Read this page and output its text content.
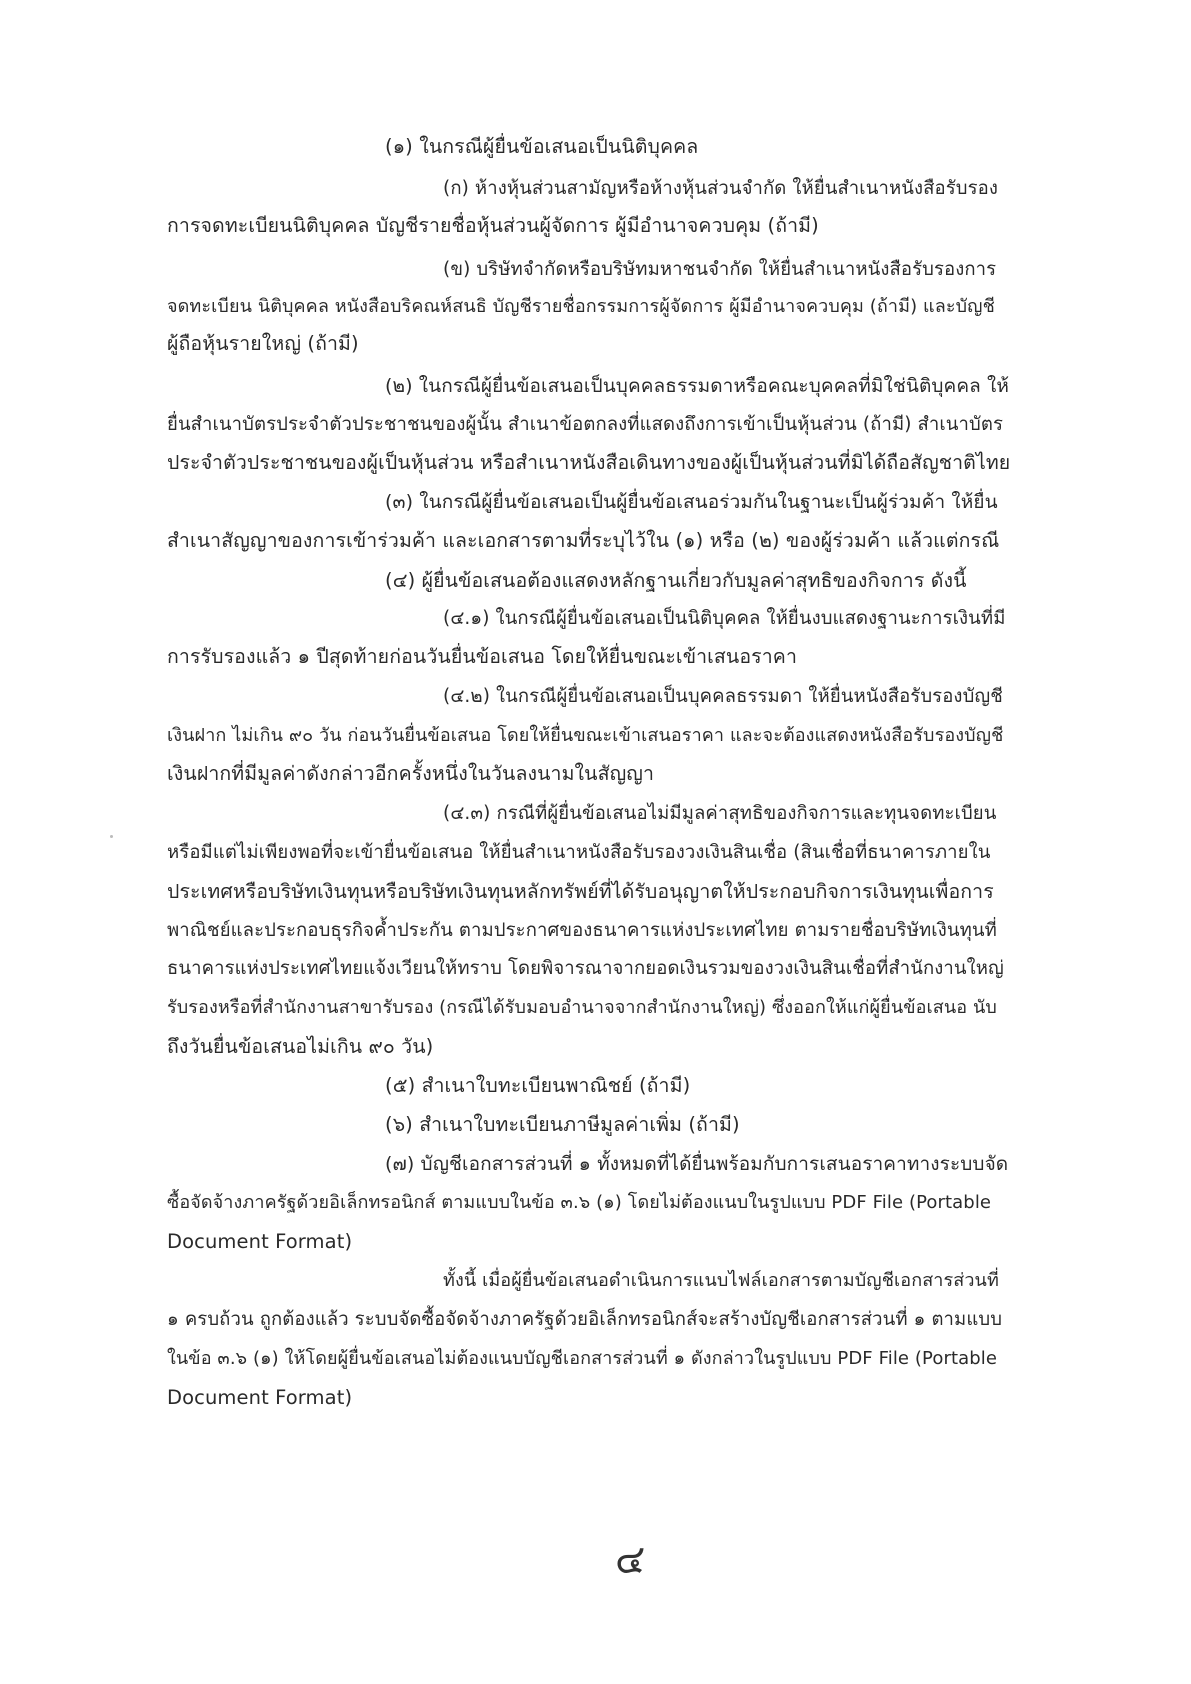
(๑) ในกรณีผู้ยื่นข้อเสนอเป็นนิติบุคคล
(ก) ห้างหุ้นส่วนสามัญหรือห้างหุ้นส่วนจำกัด ให้ยื่นสำเนาหนังสือรับรอง
การจดทะเบียนนิติบุคคล บัญชีรายชื่อหุ้นส่วนผู้จัดการ ผู้มีอำนาจควบคุม (ถ้ามี)
(ข) บริษัทจำกัดหรือบริษัทมหาชนจำกัด ให้ยื่นสำเนาหนังสือรับรองการ
จดทะเบียน นิติบุคคล หนังสือบริคณห์สนธิ บัญชีรายชื่อกรรมการผู้จัดการ ผู้มีอำนาจควบคุม (ถ้ามี) และบัญชี
ผู้ถือหุ้นรายใหญ่ (ถ้ามี)
(๒) ในกรณีผู้ยื่นข้อเสนอเป็นบุคคลธรรมดาหรือคณะบุคคลที่มิใช่นิติบุคคล ให้
ยื่นสำเนาบัตรประจำตัวประชาชนของผู้นั้น สำเนาข้อตกลงที่แสดงถึงการเข้าเป็นหุ้นส่วน (ถ้ามี) สำเนาบัตร
ประจำตัวประชาชนของผู้เป็นหุ้นส่วน หรือสำเนาหนังสือเดินทางของผู้เป็นหุ้นส่วนที่มิได้ถือสัญชาติไทย
(๓) ในกรณีผู้ยื่นข้อเสนอเป็นผู้ยื่นข้อเสนอร่วมกันในฐานะเป็นผู้ร่วมค้า ให้ยื่น
สำเนาสัญญาของการเข้าร่วมค้า และเอกสารตามที่ระบุไว้ใน (๑) หรือ (๒) ของผู้ร่วมค้า แล้วแต่กรณี
(๔) ผู้ยื่นข้อเสนอต้องแสดงหลักฐานเกี่ยวกับมูลค่าสุทธิของกิจการ ดังนี้
(๔.๑) ในกรณีผู้ยื่นข้อเสนอเป็นนิติบุคคล ให้ยื่นงบแสดงฐานะการเงินที่มี
การรับรองแล้ว ๑ ปีสุดท้ายก่อนวันยื่นข้อเสนอ โดยให้ยื่นขณะเข้าเสนอราคา
(๔.๒) ในกรณีผู้ยื่นข้อเสนอเป็นบุคคลธรรมดา ให้ยื่นหนังสือรับรองบัญชี
เงินฝาก ไม่เกิน ๙๐ วัน ก่อนวันยื่นข้อเสนอ โดยให้ยื่นขณะเข้าเสนอราคา และจะต้องแสดงหนังสือรับรองบัญชี
เงินฝากที่มีมูลค่าดังกล่าวอีกครั้งหนึ่งในวันลงนามในสัญญา
(๔.๓) กรณีที่ผู้ยื่นข้อเสนอไม่มีมูลค่าสุทธิของกิจการและทุนจดทะเบียน
หรือมีแต่ไม่เพียงพอที่จะเข้ายื่นข้อเสนอ ให้ยื่นสำเนาหนังสือรับรองวงเงินสินเชื่อ (สินเชื่อที่ธนาคารภายใน
ประเทศหรือบริษัทเงินทุนหรือบริษัทเงินทุนหลักทรัพย์ที่ได้รับอนุญาตให้ประกอบกิจการเงินทุนเพื่อการ
พาณิชย์และประกอบธุรกิจค้ำประกัน ตามประกาศของธนาคารแห่งประเทศไทย ตามรายชื่อบริษัทเงินทุนที่
ธนาคารแห่งประเทศไทยแจ้งเวียนให้ทราบ โดยพิจารณาจากยอดเงินรวมของวงเงินสินเชื่อที่สำนักงานใหญ่
รับรองหรือที่สำนักงานสาขารับรอง (กรณีได้รับมอบอำนาจจากสำนักงานใหญ่) ซึ่งออกให้แก่ผู้ยื่นข้อเสนอ นับ
ถึงวันยื่นข้อเสนอไม่เกิน ๙๐ วัน)
(๕) สำเนาใบทะเบียนพาณิชย์ (ถ้ามี)
(๖) สำเนาใบทะเบียนภาษีมูลค่าเพิ่ม (ถ้ามี)
(๗) บัญชีเอกสารส่วนที่ ๑ ทั้งหมดที่ได้ยื่นพร้อมกับการเสนอราคาทางระบบจัด
ซื้อจัดจ้างภาครัฐด้วยอิเล็กทรอนิกส์ ตามแบบในข้อ ๓.๖ (๑) โดยไม่ต้องแนบในรูปแบบ PDF File (Portable
Document Format)
ทั้งนี้ เมื่อผู้ยื่นข้อเสนอดำเนินการแนบไฟล์เอกสารตามบัญชีเอกสารส่วนที่
๑ ครบถ้วน ถูกต้องแล้ว ระบบจัดซื้อจัดจ้างภาครัฐด้วยอิเล็กทรอนิกส์จะสร้างบัญชีเอกสารส่วนที่ ๑ ตามแบบ
ในข้อ ๓.๖ (๑) ให้โดยผู้ยื่นข้อเสนอไม่ต้องแนบบัญชีเอกสารส่วนที่ ๑ ดังกล่าวในรูปแบบ PDF File (Portable
Document Format)
๔
